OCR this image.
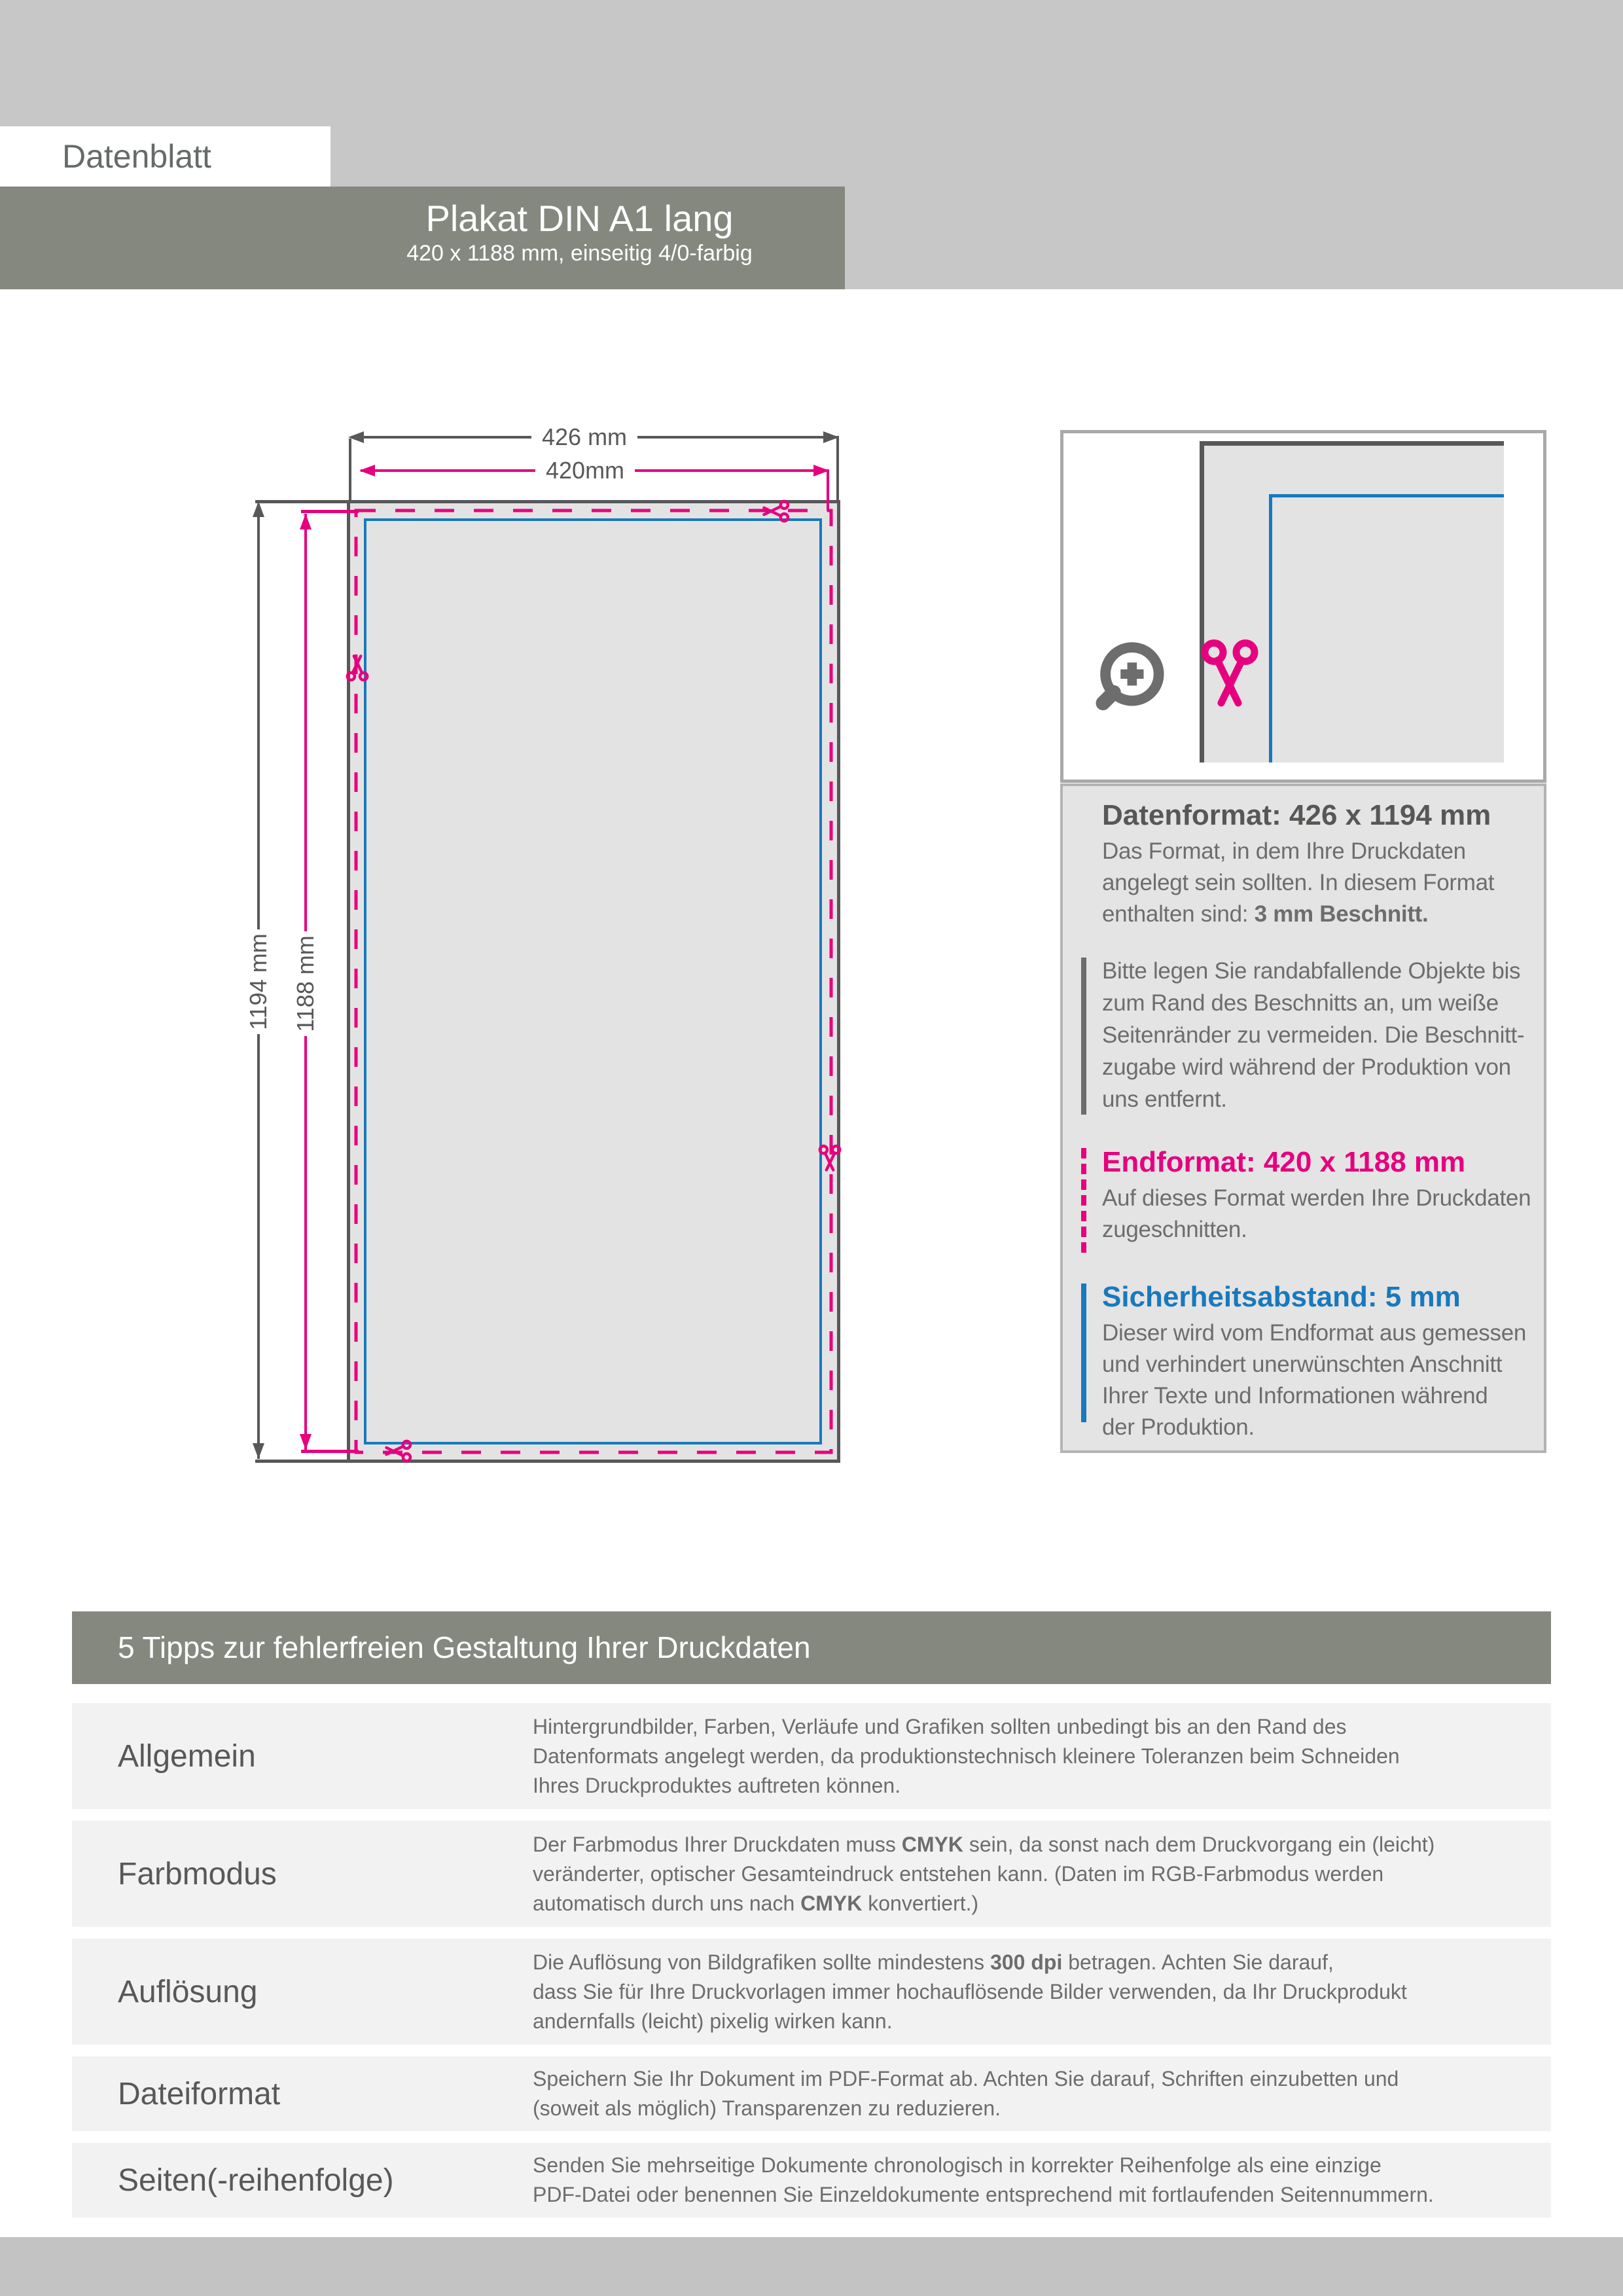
Datenblatt
Plakat DIN A1 lang
420 x 1188 mm, einseitig 4/0-farbig
426 mm
420mm
1194 mm 1188 mm
Datenformat: 426 x 1194 mm
Das Format, in dem Ihre Druckdaten
angelegt sein sollten. In diesem Format
enthalten sind: 3 mm Beschnitt.
Bitte legen Sie randabfallende Objekte bis
zum Rand des Beschnitts an, um weiße
Seitenränder zu vermeiden. Die Beschnitt-
zugabe wird während der Produktion von
uns entfernt.
Endformat: 420 x 1188 mm
Auf dieses Format werden Ihre Druckdaten
zugeschnitten.
Sicherheitsabstand: 5 mm
Dieser wird vom Endformat aus gemessen
und verhindert unerwünschten Anschnitt
Ihrer Texte und Informationen während
der Produktion.
5 Tipps zur fehlerfreien Gestaltung Ihrer Druckdaten
Allgemein
Hintergrundbilder, Farben, Verläufe und Grafiken sollten unbedingt bis an den Rand des
Datenformats angelegt werden, da produktionstechnisch kleinere Toleranzen beim Schneiden
Ihres Druckproduktes auftreten können.
Farbmodus
Der Farbmodus Ihrer Druckdaten muss CMYK sein, da sonst nach dem Druckvorgang ein (leicht)
veränderter, optischer Gesamteindruck entstehen kann. (Daten im RGB-Farbmodus werden
automatisch durch uns nach CMYK konvertiert.)
Auflösung
Die Auflösung von Bildgrafiken sollte mindestens 300 dpi betragen. Achten Sie darauf,
dass Sie für Ihre Druckvorlagen immer hochauflösende Bilder verwenden, da Ihr Druckprodukt
andernfalls (leicht) pixelig wirken kann.
Dateiformat	Speichern Sie Ihr Dokument im PDF-Format ab. Achten Sie darauf, Schriften einzubetten und
(soweit als möglich) Transparenzen zu reduzieren.
Seiten(-reihenfolge)	Senden Sie mehrseitige Dokumente chronologisch in korrekter Reihenfolge als eine einzige
PDF-Datei oder benennen Sie Einzeldokumente entsprechend mit fortlaufenden Seitennummern.
